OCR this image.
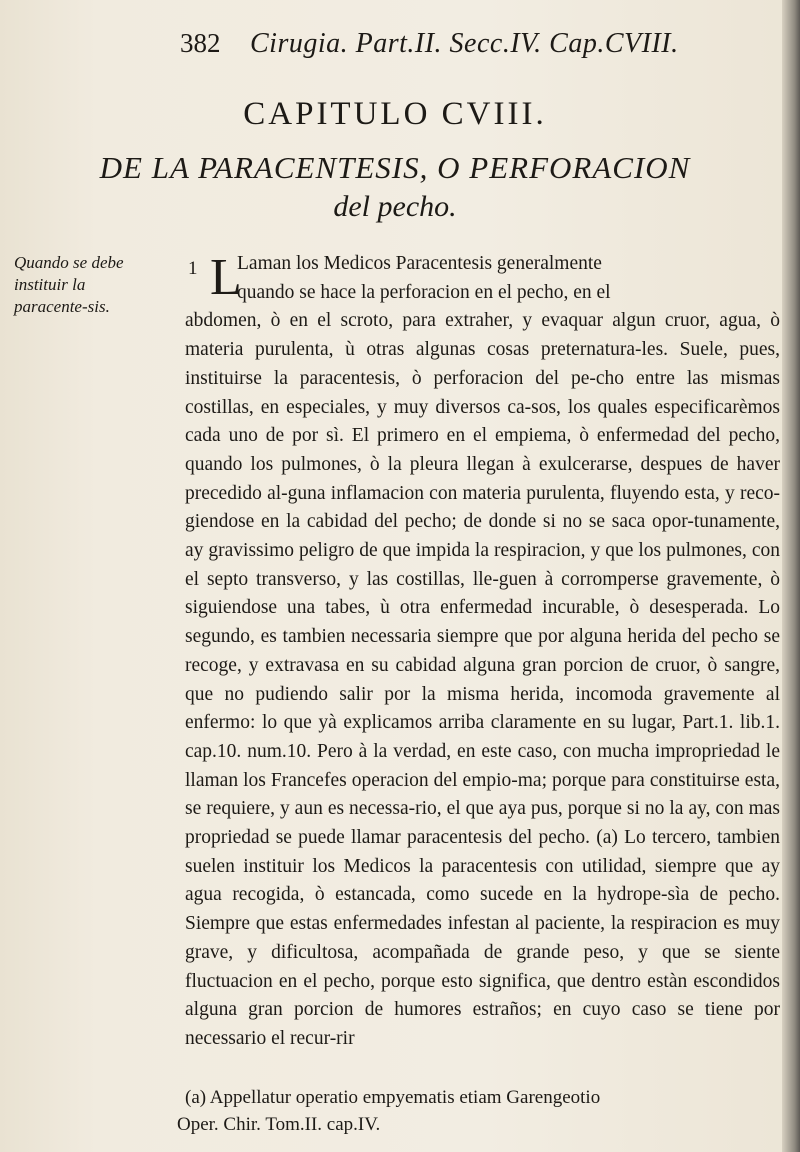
382 Cirugia. Part.II. Secc.IV. Cap.CVIII.
CAPITULO CVIII.
DE LA PARACENTESIS, O PERFORACION
del pecho.
Quando se debe instituir la paracente-sis.
1 L
Laman los Medicos Paracentesis generalmente
quando se hace la perforacion en el pecho, en el
abdomen, ò en el scroto, para extraher, y evaquar algun cruor, agua, ò materia purulenta, ù otras algunas cosas preternatura-les. Suele, pues, instituirse la paracentesis, ò perforacion del pe-cho entre las mismas costillas, en especiales, y muy diversos ca-sos, los quales especificarèmos cada uno de por sì. El primero en el empiema, ò enfermedad del pecho, quando los pulmones, ò la pleura llegan à exulcerarse, despues de haver precedido al-guna inflamacion con materia purulenta, fluyendo esta, y reco-giendose en la cabidad del pecho; de donde si no se saca opor-tunamente, ay gravissimo peligro de que impida la respiracion, y que los pulmones, con el septo transverso, y las costillas, lle-guen à corromperse gravemente, ò siguiendose una tabes, ù otra enfermedad incurable, ò desesperada. Lo segundo, es tambien necessaria siempre que por alguna herida del pecho se recoge, y extravasa en su cabidad alguna gran porcion de cruor, ò sangre, que no pudiendo salir por la misma herida, incomoda gravemente al enfermo: lo que yà explicamos arriba claramente en su lugar, Part.1. lib.1. cap.10. num.10. Pero à la verdad, en este caso, con mucha impropriedad le llaman los Francefes operacion del empio-ma; porque para constituirse esta, se requiere, y aun es necessa-rio, el que aya pus, porque si no la ay, con mas propriedad se puede llamar paracentesis del pecho. (a) Lo tercero, tambien suelen instituir los Medicos la paracentesis con utilidad, siempre que ay agua recogida, ò estancada, como sucede en la hydrope-sìa de pecho. Siempre que estas enfermedades infestan al paciente, la respiracion es muy grave, y dificultosa, acompañada de grande peso, y que se siente fluctuacion en el pecho, porque esto significa, que dentro estàn escondidos alguna gran porcion de humores estraños; en cuyo caso se tiene por necessario el recur-rir
(a) Appellatur operatio empyematis etiam Garengeotio
Oper. Chir. Tom.II. cap.IV.
